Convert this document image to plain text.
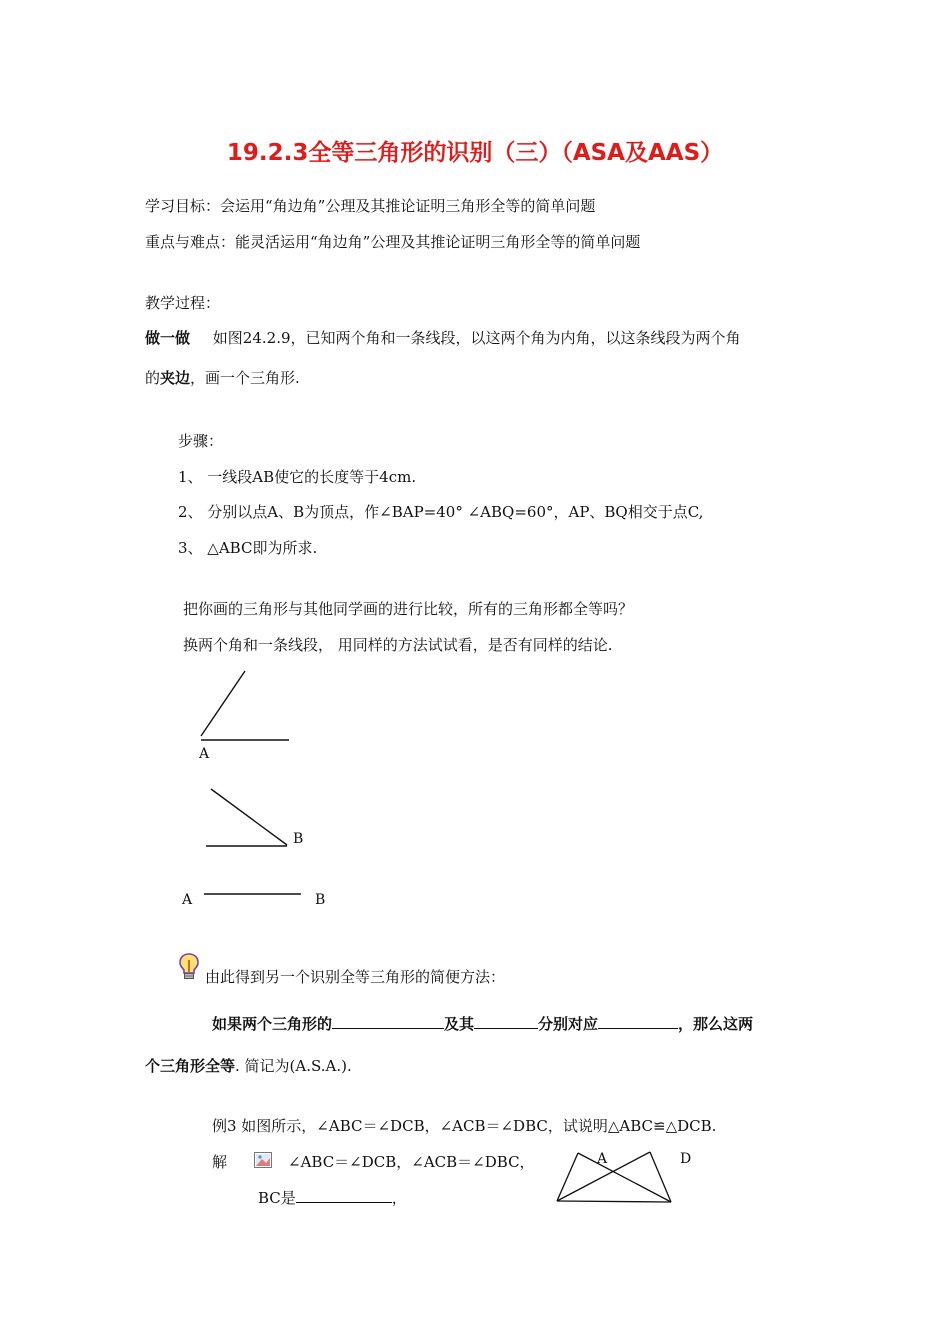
19.2.3全等三角形的识别（三）（ASA及AAS）
学习目标：会运用“角边角”公理及其推论证明三角形全等的简单问题
重点与难点：能灵活运用“角边角”公理及其推论证明三角形全等的简单问题
教学过程：
做一做 如图24.2.9，已知两个角和一条线段，以这两个角为内角，以这条线段为两个角
的夹边，画一个三角形.
步骤：
1、 一线段AB使它的长度等于4cm.
2、 分别以点A、B为顶点，作∠BAP=40° ∠ABQ=60°，AP、BQ相交于点C,
3、 △ABC即为所求.
把你画的三角形与其他同学画的进行比较，所有的三角形都全等吗？
换两个角和一条线段， 用同样的方法试试看，是否有同样的结论.
A
B
A	B
由此得到另一个识别全等三角形的简便方法：
如果两个三角形的	及其	分别对应	，那么这两
个三角形全等. 简记为(A.S.A.).
例3 如图所示，∠ABC＝∠DCB，∠ACB＝∠DBC，试说明△ABC≌△DCB.
解	∠ABC＝∠DCB，∠ACB＝∠DBC，
BC是	，
A	D
